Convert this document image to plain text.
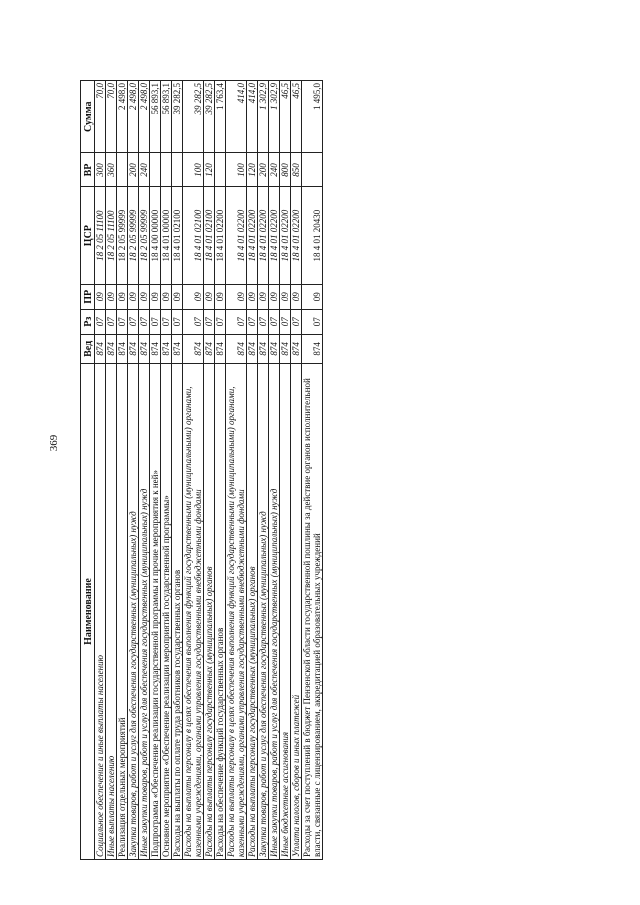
369
Наименование	Вед	Рз	ПР	ЦСР	ВР	Сумма
Социальное обеспечение и иные выплаты населению	874	07	09	18 2 05 11100	300	70,0
Иные выплаты населению	874	07	09	18 2 05 11100	360	70,0
Реализация отдельных мероприятий	874	07	09	18 2 05 99999		2 498,0
Закупка товаров, работ и услуг для обеспечения государственных (муниципальных) нужд	874	07	09	18 2 05 99999	200	2 498,0
Иные закупки товаров, работ и услуг для обеспечения государственных (муниципальных) нужд	874	07	09	18 2 05 99999	240	2 498,0
Подпрограмма «Обеспечение реализации государственной программы и прочие мероприятия к ней»	874	07	09	18 4 00 00000		56 893,1
Основное мероприятие «Обеспечение реализации мероприятий государственной программы»	874	07	09	18 4 01 00000		56 893,1
Расходы на выплаты по оплате труда работников государственных органов	874	07	09	18 4 01 02100		39 282,5
Расходы на выплаты персоналу в целях обеспечения выполнения функций государственными (муниципальными) органами, казенными учреждениями, органами управления государственными внебюджетными фондами	874	07	09	18 4 01 02100	100	39 282,5
Расходы на выплаты персоналу государственных (муниципальных) органов	874	07	09	18 4 01 02100	120	39 282,5
Расходы на обеспечение функций государственных органов	874	07	09	18 4 01 02200		1 763,4
Расходы на выплаты персоналу в целях обеспечения выполнения функций государственными (муниципальными) органами, казенными учреждениями, органами управления государственными внебюджетными фондами	874	07	09	18 4 01 02200	100	414,0
Расходы на выплаты персоналу государственных (муниципальных) органов	874	07	09	18 4 01 02200	120	414,0
Закупка товаров, работ и услуг для обеспечения государственных (муниципальных) нужд	874	07	09	18 4 01 02200	200	1 302,9
Иные закупки товаров, работ и услуг для обеспечения государственных (муниципальных) нужд	874	07	09	18 4 01 02200	240	1 302,9
Иные бюджетные ассигнования	874	07	09	18 4 01 02200	800	46,5
Уплата налогов, сборов и иных платежей	874	07	09	18 4 01 02200	850	46,5
Расходы за счет поступлений в бюджет Пензенской области государственной пошлины за действие органов исполнительной власти, связанные с лицензированием, аккредитацией образовательных учреждений	874	07	09	18 4 01 20430		1 495,0
